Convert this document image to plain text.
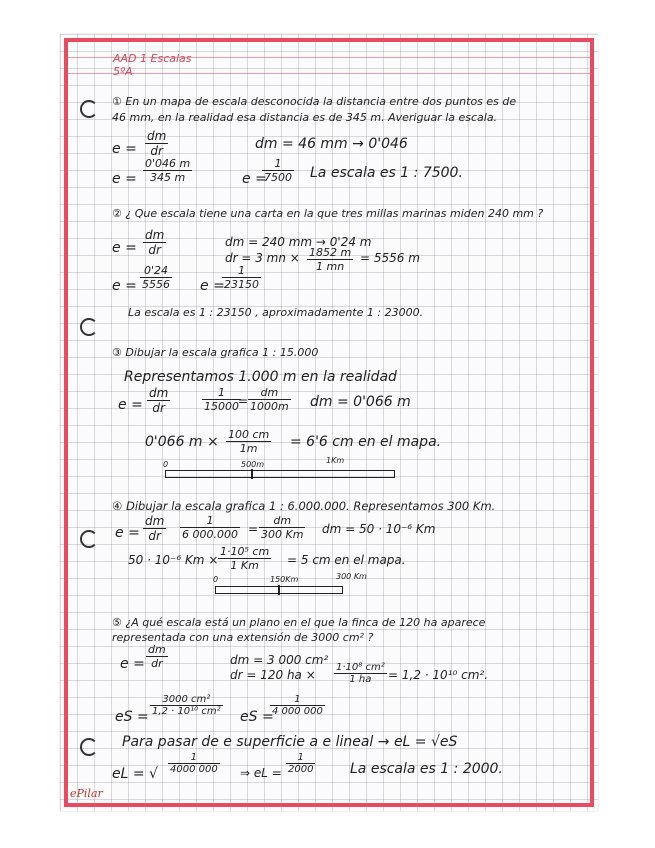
AAD 1 Escalas
5ºA
① En un mapa de escala desconocida la distancia entre dos puntos es de
46 mm, en la realidad esa distancia es de 345 m. Averiguar la escala.
$e = \frac{dm}{dr}$	dm = 46 mm → 0'046
$e = \frac{0'046 m}{345 m}$	e =
$\frac{1}{7500}$ La escala es 1 : 7500.
② ¿ Que escala tiene una carta en la que tres millas marinas miden 240 mm ?
$e = \frac{dm}{dr}$	dm = 240 mm → 0'24 m
dr = 3 mn × $\frac{1852 m}{1 mn} = 5556$ m
$e = \frac{0'24}{5556}$ e =
$\frac{1}{23150}$
La escala es 1 : 23150 , aproximadamente 1 : 23000.
③ Dibujar la escala grafica 1 : 15.000
Representamos 1.000 m en la realidad
$e = \frac{dm}{dr}$	$\frac{1}{15000}$
= $\frac{dm}{1000m}$ dm = 0'066 m
0'066 $m \times \frac{100 cm}{1m} = 6'6$ cm en el mapa.
0	500m	1Km
④ Dibujar la escala grafica 1 : 6.000.000. Representamos 300 Km.
$e = \frac{dm}{dr} \frac{1}{6 000.000} = \frac{dm}{300 Km}$ dm = 50 · 10⁻⁶ Km
50 · 10⁻⁶ $Km \times \frac{\text{1·10⁵ cm}}{1 Km} = 5$ cm en el mapa.
0	150Km	300 Km
⑤ ¿A qué escala está un plano en el que la finca de 120 ha aparece
representada con una extensión de 3000 cm² ?
$e = \frac{dm}{dr}$	dm = 3 000 cm²
dr = 120 ha × $\frac{\text{1·10⁸ cm²}}{1 ha} = 1,2 \cdot 10^{10}$ cm².
eS = $\frac{\text{3000 cm²}}{\text{1,2 · 10¹⁰ cm²}}$ eS =
$\frac{1}{4 000 000}$
Para pasar de e superficie a e lineal → eL = √eS
eL = √ $\frac{1}{4000 000}$ ⇒ eL = $\frac{1}{2000}$ La escala es 1 : 2000.
ePilar
